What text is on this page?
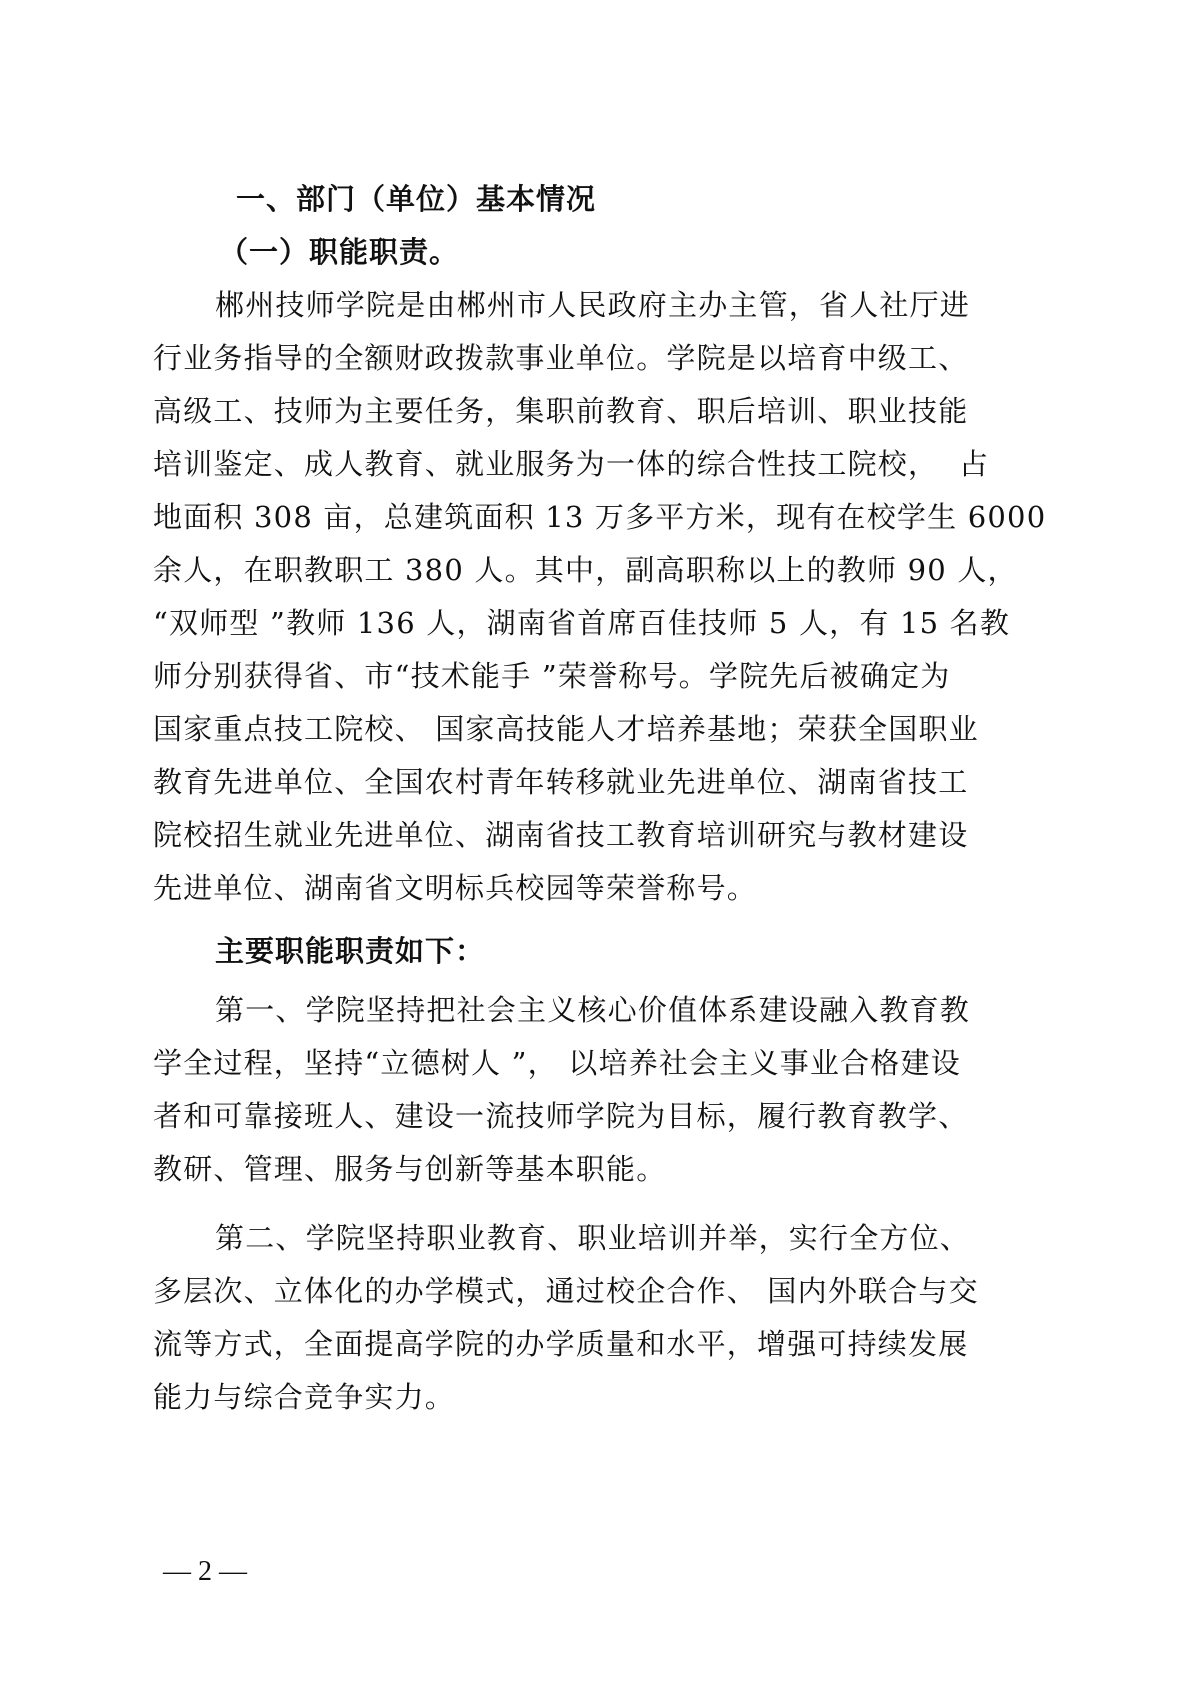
一、部门（单位）基本情况
（一）职能职责。
郴州技师学院是由郴州市人民政府主办主管，省人社厅进
行业务指导的全额财政拨款事业单位。学院是以培育中级工、
高级工、技师为主要任务，集职前教育、职后培训、职业技能
培训鉴定、成人教育、就业服务为一体的综合性技工院校，  占
地面积 308 亩，总建筑面积 13 万多平方米，现有在校学生 6000
余人，在职教职工 380 人。其中，副高职称以上的教师 90 人，
“双师型 ”教师 136 人，湖南省首席百佳技师 5 人，有 15 名教
师分别获得省、市“技术能手 ”荣誉称号。学院先后被确定为
国家重点技工院校、 国家高技能人才培养基地；荣获全国职业
教育先进单位、全国农村青年转移就业先进单位、湖南省技工
院校招生就业先进单位、湖南省技工教育培训研究与教材建设
先进单位、湖南省文明标兵校园等荣誉称号。
主要职能职责如下：
第一、学院坚持把社会主义核心价值体系建设融入教育教
学全过程，坚持“立德树人 ”， 以培养社会主义事业合格建设
者和可靠接班人、建设一流技师学院为目标，履行教育教学、
教研、管理、服务与创新等基本职能。
第二、学院坚持职业教育、职业培训并举，实行全方位、
多层次、立体化的办学模式，通过校企合作、 国内外联合与交
流等方式，全面提高学院的办学质量和水平，增强可持续发展
能力与综合竞争实力。
— 2 —
